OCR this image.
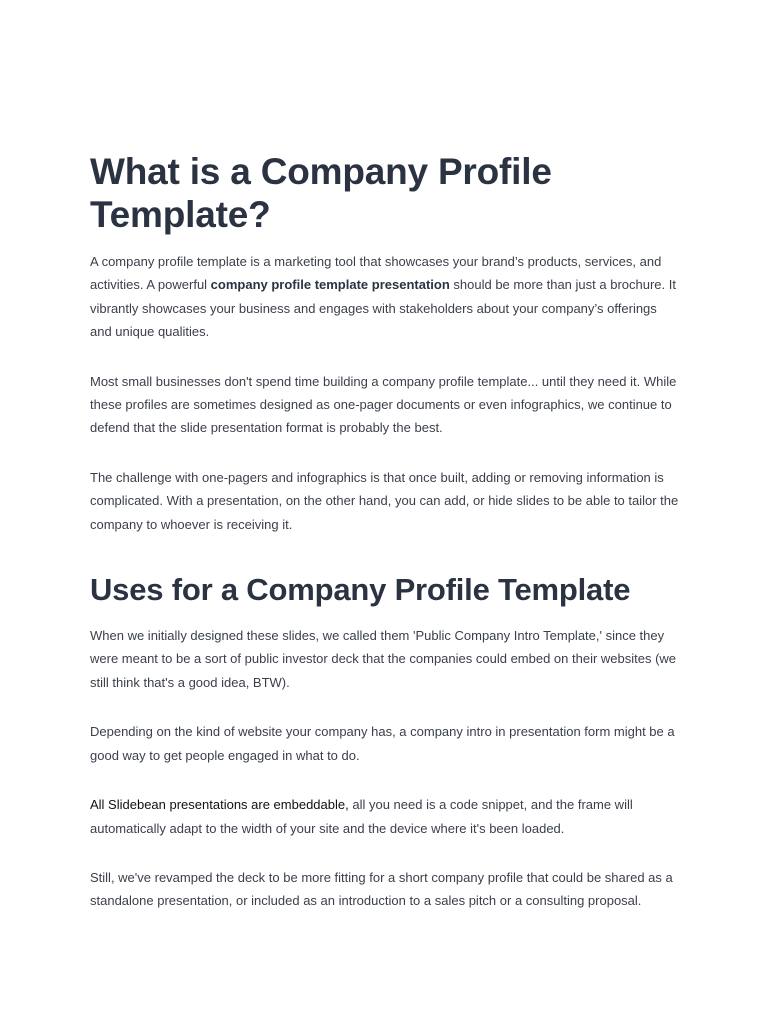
What is a Company Profile Template?

A company profile template is a marketing tool that showcases your brand’s products, services, and activities. A powerful company profile template presentation should be more than just a brochure. It vibrantly showcases your business and engages with stakeholders about your company’s offerings and unique qualities.

Most small businesses don't spend time building a company profile template... until they need it. While these profiles are sometimes designed as one-pager documents or even infographics, we continue to defend that the slide presentation format is probably the best.

The challenge with one-pagers and infographics is that once built, adding or removing information is complicated. With a presentation, on the other hand, you can add, or hide slides to be able to tailor the company to whoever is receiving it.

Uses for a Company Profile Template

When we initially designed these slides, we called them 'Public Company Intro Template,' since they were meant to be a sort of public investor deck that the companies could embed on their websites (we still think that's a good idea, BTW).

Depending on the kind of website your company has, a company intro in presentation form might be a good way to get people engaged in what to do.

All Slidebean presentations are embeddable, all you need is a code snippet, and the frame will automatically adapt to the width of your site and the device where it's been loaded.

Still, we've revamped the deck to be more fitting for a short company profile that could be shared as a standalone presentation, or included as an introduction to a sales pitch or a consulting proposal.
